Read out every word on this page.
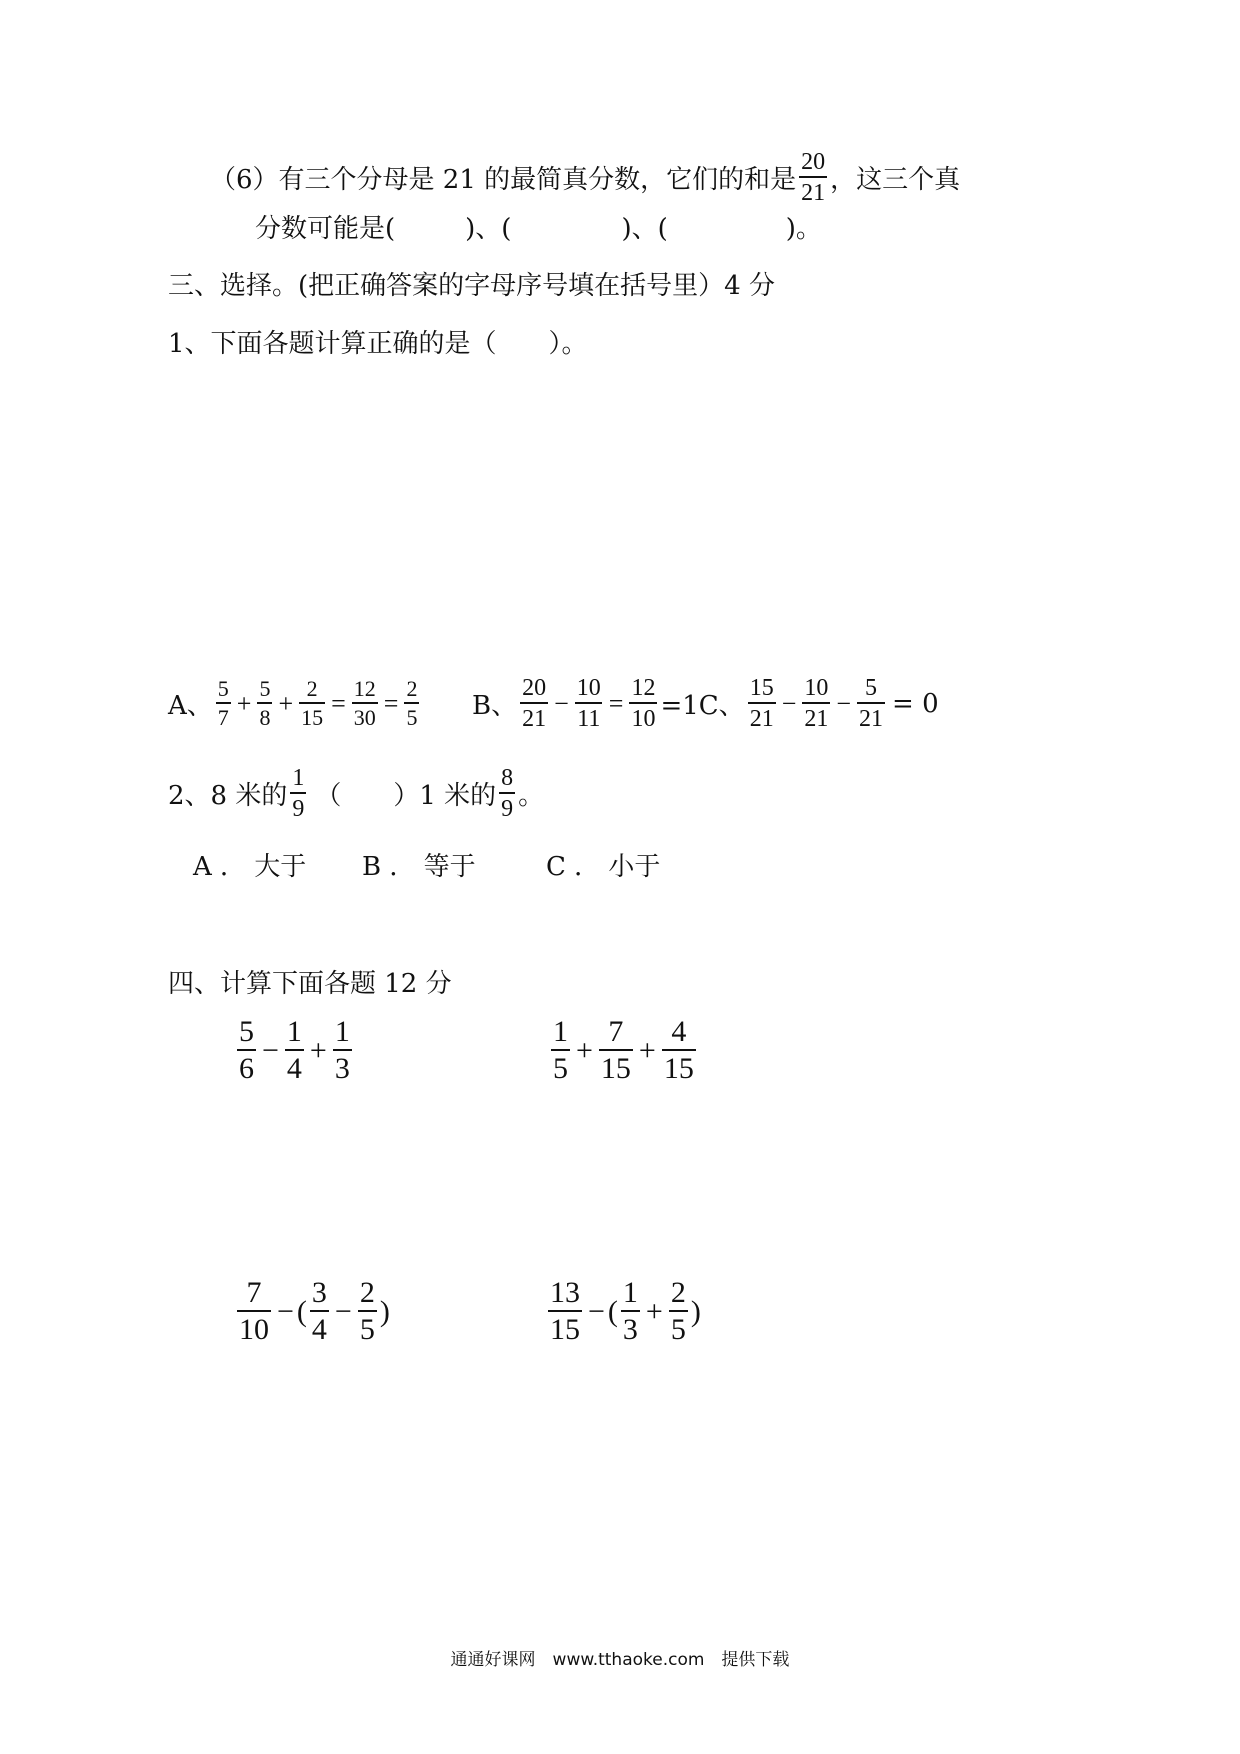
（6）有三个分母是 21 的最简真分数，它们的和是 $\frac{20}{21}$ ，这三个真
分数可能是(	)、(	)、(	)。
三、选择。(把正确答案的字母序号填在括号里）4 分
1、下面各题计算正确的是（　　）。
A、 $\frac{5}{7} + \frac{5}{8} + \frac{2}{15} = \frac{12}{30} = \frac{2}{5}$ B、 $\frac{20}{21} - \frac{10}{11} = \frac{12}{10} =1C$、 $\frac{15}{21} - \frac{10}{21} - \frac{5}{21} = 0$
2、8 米的 $\frac{1}{9}$ （　　）1 米的 $\frac{8}{9}$ 。
A ． 大于 B ． 等于	C ． 小于
四、计算下面各题 12 分
$\frac{5}{6} - \frac{1}{4} + \frac{1}{3}$	$\frac{1}{5} + \frac{7}{15} + \frac{4}{15}$
$\frac{7}{10}$ − ( $\frac{3}{4} - \frac{2}{5}$ )	$\frac{13}{15}$ − ( $\frac{1}{3} + \frac{2}{5}$ )
通通好课网　www.tthaoke.com　提供下载
